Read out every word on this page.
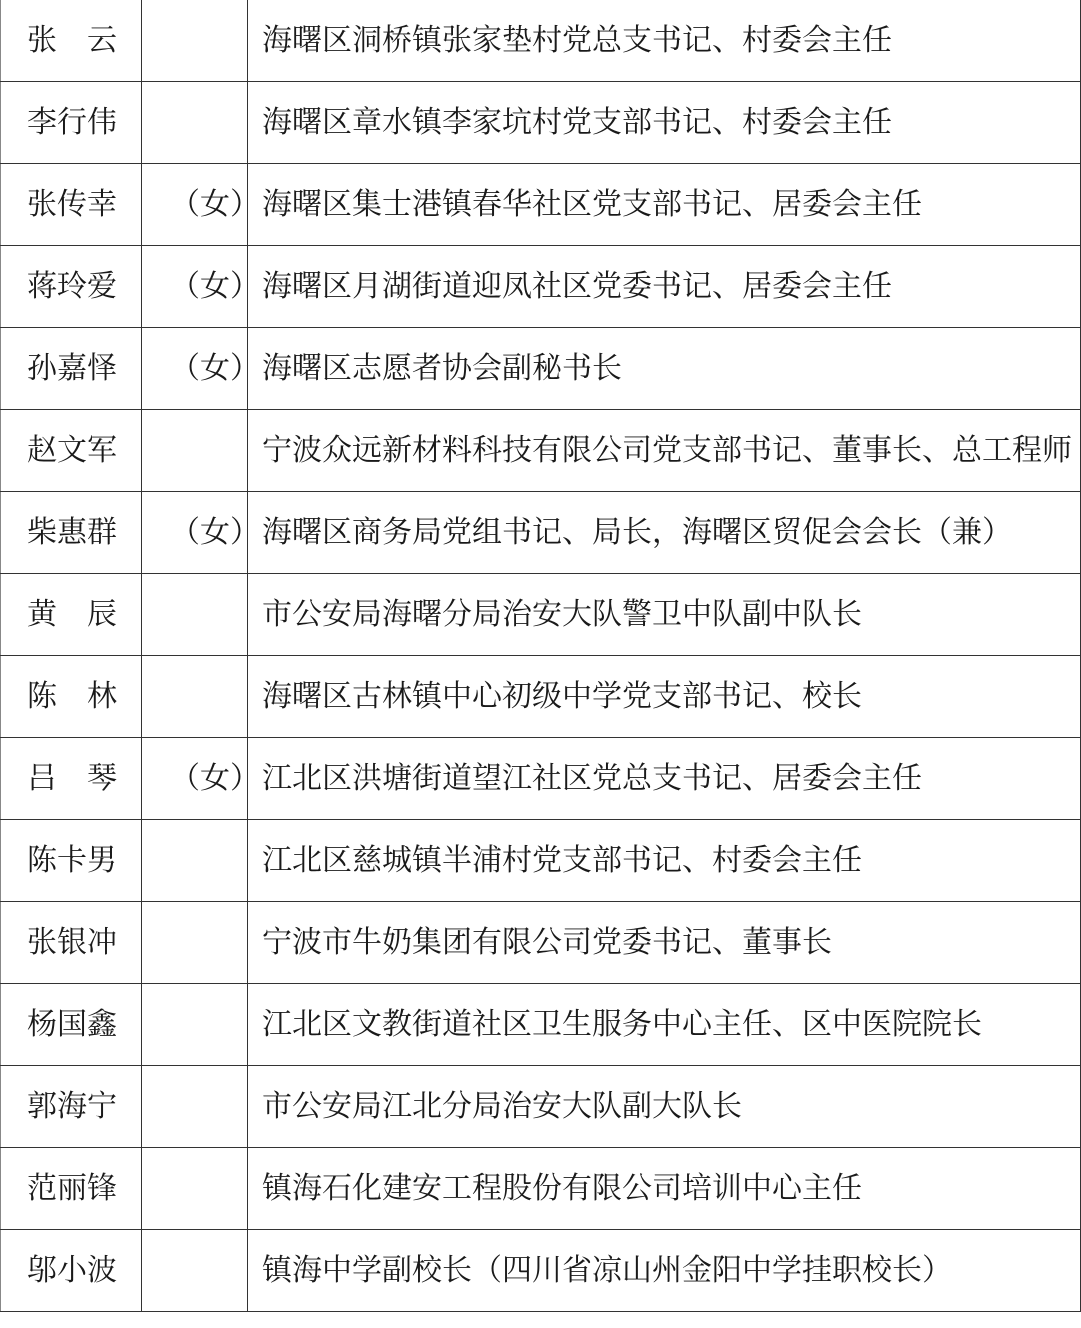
张　云		海曙区洞桥镇张家垫村党总支书记、村委会主任
李行伟		海曙区章水镇李家坑村党支部书记、村委会主任
张传幸	（女）	海曙区集士港镇春华社区党支部书记、居委会主任
蒋玲爱	（女）	海曙区月湖街道迎凤社区党委书记、居委会主任
孙嘉怿	（女）	海曙区志愿者协会副秘书长
赵文军		宁波众远新材料科技有限公司党支部书记、董事长、总工程师
柴惠群	（女）	海曙区商务局党组书记、局长，海曙区贸促会会长（兼）
黄　辰		市公安局海曙分局治安大队警卫中队副中队长
陈　林		海曙区古林镇中心初级中学党支部书记、校长
吕　琴	（女）	江北区洪塘街道望江社区党总支书记、居委会主任
陈卡男		江北区慈城镇半浦村党支部书记、村委会主任
张银冲		宁波市牛奶集团有限公司党委书记、董事长
杨国鑫		江北区文教街道社区卫生服务中心主任、区中医院院长
郭海宁		市公安局江北分局治安大队副大队长
范丽锋		镇海石化建安工程股份有限公司培训中心主任
邬小波		镇海中学副校长（四川省凉山州金阳中学挂职校长）
